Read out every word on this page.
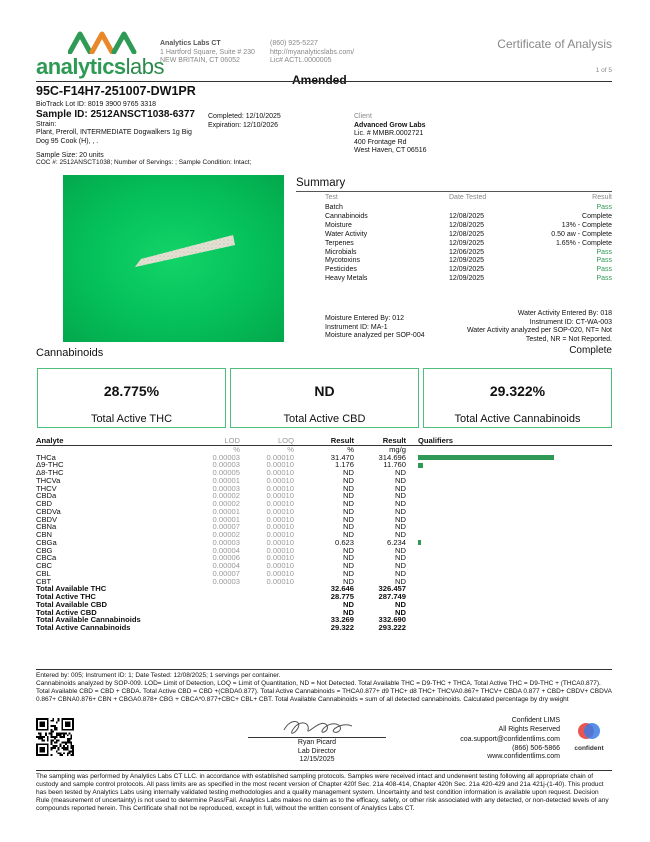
analyticslabs
Analytics Labs CT
1 Hartford Square, Suite # 230
NEW BRITAIN, CT 06052
(860) 925-5227
http://myanalyticslabs.com/
Lic# ACTL.0000005
Certificate of Analysis
1 of 5
Amended
95C-F14H7-251007-DW1PR
BioTrack Lot ID: 8019 3900 9765 3318
Sample ID: 2512ANSCT1038-6377
Strain:
Plant, Preroll, INTERMEDIATE Dogwalkers 1g Big
Dog 95 Cook (H), , .
Completed: 12/10/2025
Expiration: 12/10/2026
Sample Size: 20 units
COC #: 2512ANSCT1038; Number of Servings: ; Sample Condition: Intact;
Client
Advanced Grow Labs
Lic. # MMBR.0002721
400 Frontage Rd
West Haven, CT 06516
Summary
Test	Date Tested	Result
Batch		Pass
Cannabinoids	12/08/2025	Complete
Moisture	12/08/2025	13% - Complete
Water Activity	12/08/2025	0.50 aw - Complete
Terpenes	12/09/2025	1.65% - Complete
Microbials	12/06/2025	Pass
Mycotoxins	12/09/2025	Pass
Pesticides	12/09/2025	Pass
Heavy Metals	12/09/2025	Pass
Moisture Entered By: 012
Instrument ID: MA-1
Moisture analyzed per SOP-004
Water Activity Entered By: 018
Instrument ID: CT-WA-003
Water Activity analyzed per SOP-020, NT= Not
Tested, NR = Not Reported.
Cannabinoids	Complete
28.775%
Total Active THC
ND
Total Active CBD
29.322%
Total Active Cannabinoids
Analyte	LOD	LOQ	Result	Result	Qualifiers
	%	%	%	mg/g	
THCa	0.00003	0.00010	31.470	314.696	
Δ9-THC	0.00003	0.00010	1.176	11.760	
Δ8-THC	0.00005	0.00010	ND	ND	
THCVa	0.00001	0.00010	ND	ND	
THCV	0.00003	0.00010	ND	ND	
CBDa	0.00002	0.00010	ND	ND	
CBD	0.00002	0.00010	ND	ND	
CBDVa	0.00001	0.00010	ND	ND	
CBDV	0.00001	0.00010	ND	ND	
CBNa	0.00007	0.00010	ND	ND	
CBN	0.00002	0.00010	ND	ND	
CBGa	0.00003	0.00010	0.623	6.234	
CBG	0.00004	0.00010	ND	ND	
CBCa	0.00006	0.00010	ND	ND	
CBC	0.00004	0.00010	ND	ND	
CBL	0.00007	0.00010	ND	ND	
CBT	0.00003	0.00010	ND	ND	
Total Available THC			32.646	326.457	
Total Active THC			28.775	287.749	
Total Available CBD			ND	ND	
Total Active CBD			ND	ND	
Total Available Cannabinoids			33.269	332.690	
Total Active Cannabinoids			29.322	293.222	
Entered by: 005; Instrument ID: 1; Date Tested: 12/08/2025; 1 servings per container.
Cannabinoids analyzed by SOP-009. LOD= Limit of Detection, LOQ = Limit of Quantitation, ND = Not Detected. Total Available THC = D9-THC + THCA. Total Active THC = D9-THC + (THCA0.877). Total Available CBD = CBD + CBDA. Total Active CBD = CBD +(CBDA0.877). Total Active Cannabinoids = THCA0.877+ d9 THC+ d8 THC+ THCVA0.867+ THCV+ CBDA 0.877 + CBD+ CBDV+ CBDVA 0.867+ CBNA0.876+ CBN + CBGA0.878+ CBG + CBCA*0.877+CBC+ CBL+ CBT. Total Available Cannabinoids = sum of all detected cannabinoids. Calculated percentage by dry weight
Ryan Picard
Lab Director
12/15/2025
Confident LIMS
All Rights Reserved
coa.support@confidentlims.com
(866) 506-5866
www.confidentlims.com
confident
The sampling was performed by Analytics Labs CT LLC. in accordance with established sampling protocols. Samples were received intact and underwent testing following all appropriate chain of custody and sample control protocols. All pass limits are as specified in the most recent version of Chapter 420f Sec. 21a 408-414, Chapter 420h Sec. 21a 420-429 and 21a 421j-(1-40). This product has been tested by Analytics Labs using internally validated testing methodologies and a quality management system. Uncertainty and test condition information is available upon request. Decision Rule (measurement of uncertainty) is not used to determine Pass/Fail. Analytics Labs makes no claim as to the efficacy, safety, or other risk associated with any detected, or non-detected levels of any compounds reported herein. This Certificate shall not be reproduced, except in full, without the written consent of Analytics Labs CT.
